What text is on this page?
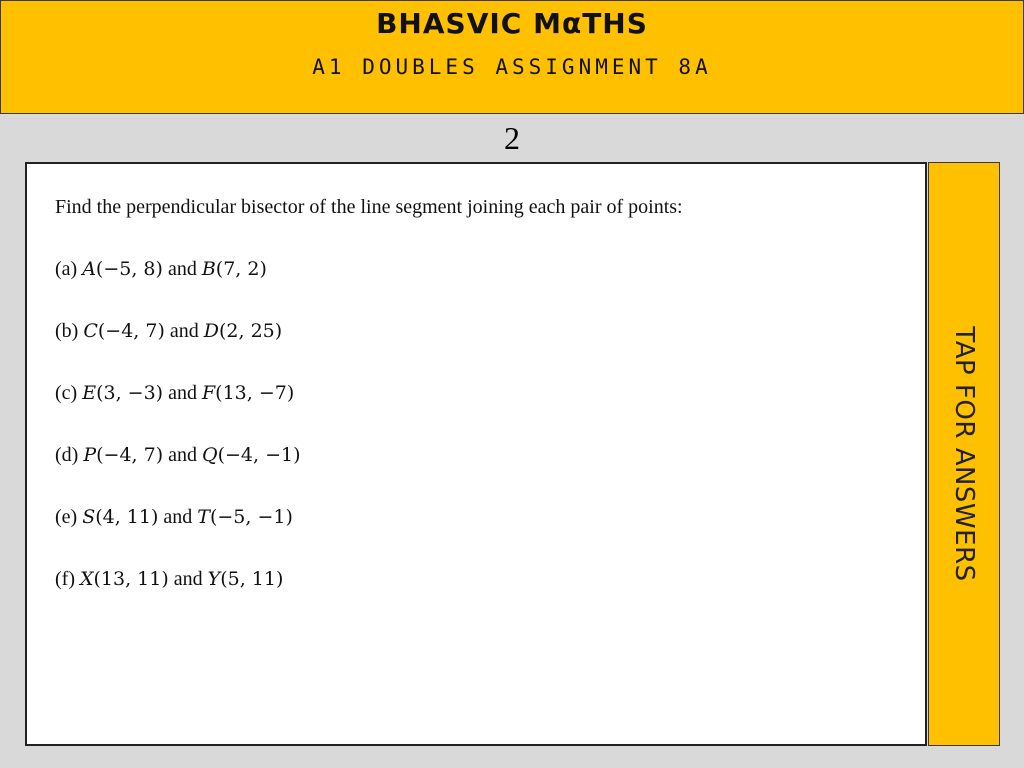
BHASVIC MαTHS
A1 DOUBLES ASSIGNMENT 8A
2
Find the perpendicular bisector of the line segment joining each pair of points:
(a) 𝐴(−5, 8) and 𝐵(7, 2)
(b) 𝐶(−4, 7) and 𝐷(2, 25)
(c) 𝐸(3, −3) and 𝐹(13, −7)
(d) 𝑃(−4, 7) and 𝑄(−4, −1)
(e) 𝑆(4, 11) and 𝑇(−5, −1)
(f) 𝑋(13, 11) and 𝑌(5, 11)	TAP FOR ANSWERS
